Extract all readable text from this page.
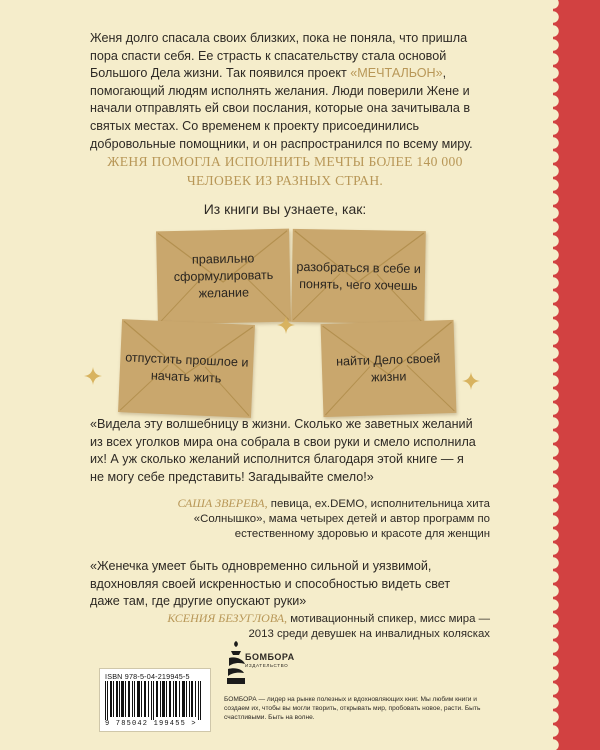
Женя долго спасала своих близких, пока не поняла, что пришла пора спасти себя. Ее страсть к спасательству стала основой Большого Дела жизни. Так появился проект «МЕЧТАЛЬОН», помогающий людям исполнять желания. Люди поверили Жене и начали отправлять ей свои послания, которые она зачитывала в святых местах. Со временем к проекту присоединились добровольные помощники, и он распространился по всему миру.

ЖЕНЯ ПОМОГЛА ИСПОЛНИТЬ МЕЧТЫ БОЛЕЕ 140 000 ЧЕЛОВЕК ИЗ РАЗНЫХ СТРАН.

Из книги вы узнаете, как:

правильно сформулировать желание
разобраться в себе и понять, чего хочешь
отпустить прошлое и начать жить
найти Дело своей жизни

«Видела эту волшебницу в жизни. Сколько же заветных желаний из всех уголков мира она собрала в свои руки и смело исполнила их! А уж сколько желаний исполнится благодаря этой книге — я не могу себе представить! Загадывайте смело!»

САША ЗВЕРЕВА, певица, ex.DEMO, исполнительница хита «Солнышко», мама четырех детей и автор программ по естественному здоровью и красоте для женщин

«Женечка умеет быть одновременно сильной и уязвимой, вдохновляя своей искренностью и способностью видеть свет даже там, где другие опускают руки»

КСЕНИЯ БЕЗУГЛОВА, мотивационный спикер, мисс мира — 2013 среди девушек на инвалидных колясках

ISBN 978-5-04-219945-5
9 785042 199455 >
БОМБОРА
ИЗДАТЕЛЬСТВО

БОМБОРА — лидер на рынке полезных и вдохновляющих книг. Мы любим книги и создаем их, чтобы вы могли творить, открывать мир, пробовать новое, расти. Быть счастливыми. Быть на волне.
